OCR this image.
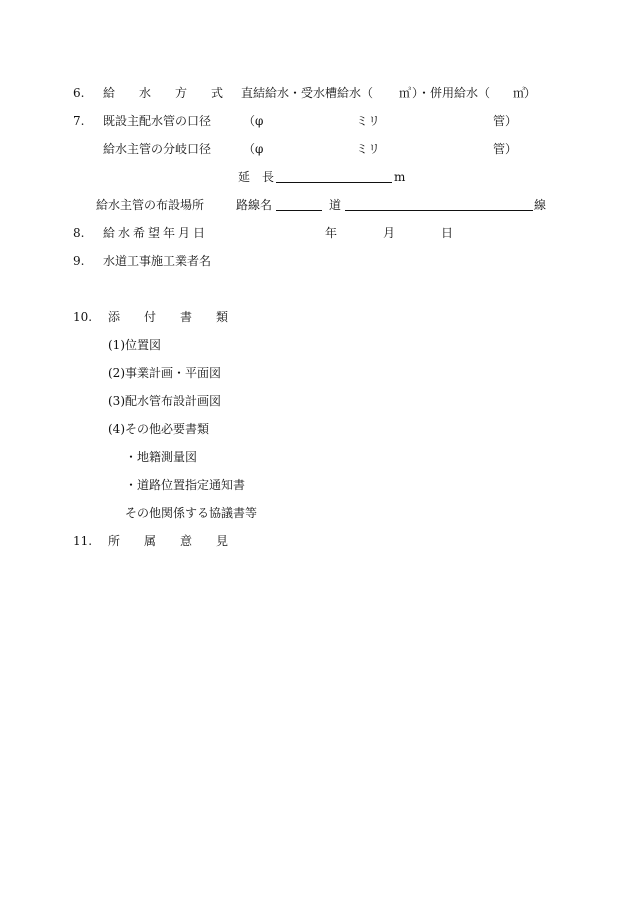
6. 給　水　方　式 直結給水・受水槽給水（ ㎥ ）・併用給水（ ㎥
）
7. 既設主配水管の口径	（φ	ミリ	管）
給水主管の分岐口径	（φ	ミリ	管）
延　長	m
給水主管の布設場所	路線名	道	線
8. 給水希望年月日	年	月	日
9. 水道工事施工業者名
10. 添　付　書　類
(1)位置図
(2)事業計画・平面図
(3)配水管布設計画図
(4)その他必要書類
・地籍測量図
・道路位置指定通知書
その他関係する協議書等
11. 所　属　意　見
